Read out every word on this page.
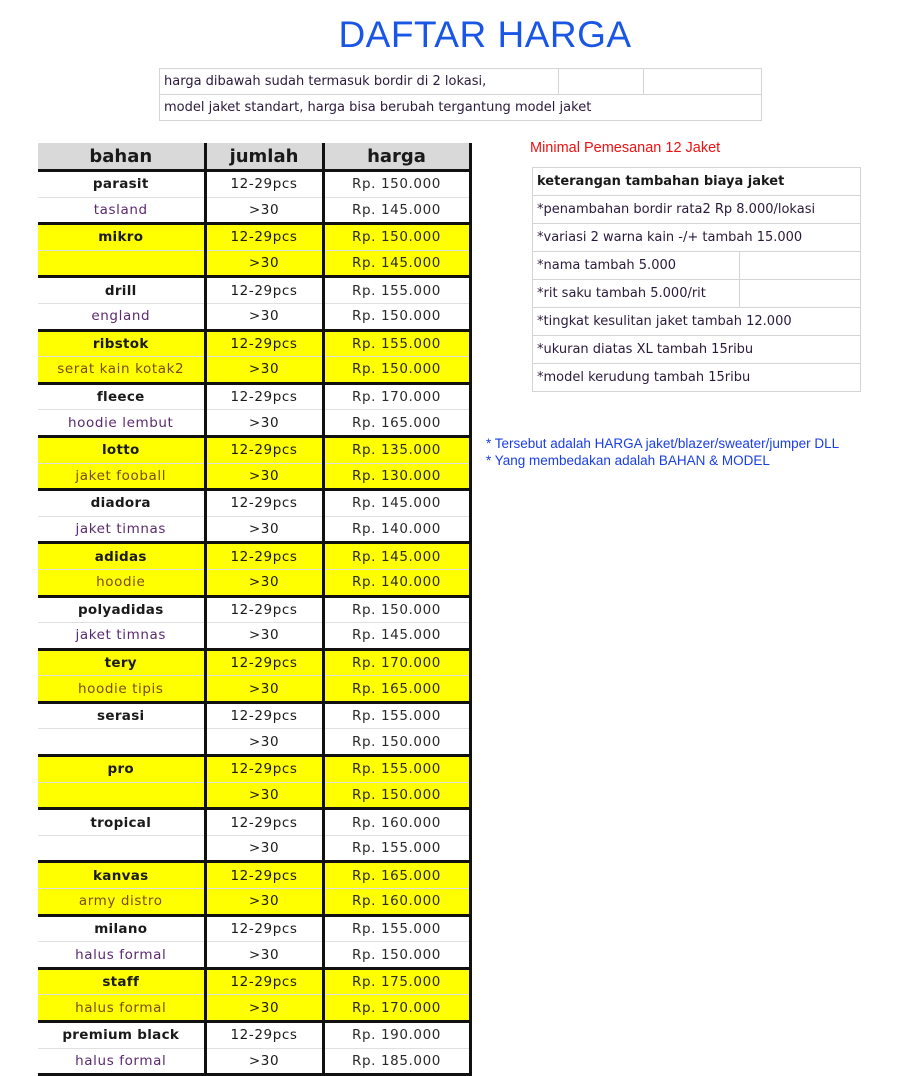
DAFTAR HARGA
harga dibawah sudah termasuk bordir di 2 lokasi,		
model jaket standart, harga bisa berubah tergantung model jaket
bahan	jumlah	harga
parasit	12-29pcs	Rp. 150.000
tasland	>30	Rp. 145.000
mikro	12-29pcs	Rp. 150.000
	>30	Rp. 145.000
drill	12-29pcs	Rp. 155.000
england	>30	Rp. 150.000
ribstok	12-29pcs	Rp. 155.000
serat kain kotak2	>30	Rp. 150.000
fleece	12-29pcs	Rp. 170.000
hoodie lembut	>30	Rp. 165.000
lotto	12-29pcs	Rp. 135.000
jaket fooball	>30	Rp. 130.000
diadora	12-29pcs	Rp. 145.000
jaket timnas	>30	Rp. 140.000
adidas	12-29pcs	Rp. 145.000
hoodie	>30	Rp. 140.000
polyadidas	12-29pcs	Rp. 150.000
jaket timnas	>30	Rp. 145.000
tery	12-29pcs	Rp. 170.000
hoodie tipis	>30	Rp. 165.000
serasi	12-29pcs	Rp. 155.000
	>30	Rp. 150.000
pro	12-29pcs	Rp. 155.000
	>30	Rp. 150.000
tropical	12-29pcs	Rp. 160.000
	>30	Rp. 155.000
kanvas	12-29pcs	Rp. 165.000
army distro	>30	Rp. 160.000
milano	12-29pcs	Rp. 155.000
halus formal	>30	Rp. 150.000
staff	12-29pcs	Rp. 175.000
halus formal	>30	Rp. 170.000
premium black	12-29pcs	Rp. 190.000
halus formal	>30	Rp. 185.000
Minimal Pemesanan 12 Jaket
keterangan tambahan biaya jaket	
*penambahan bordir rata2 Rp 8.000/lokasi	
*variasi 2 warna kain -/+ tambah 15.000	
*nama tambah 5.000	
*rit saku tambah 5.000/rit	
*tingkat kesulitan jaket tambah 12.000	
*ukuran diatas XL tambah 15ribu	
*model kerudung tambah 15ribu	
* Tersebut adalah HARGA jaket/blazer/sweater/jumper DLL
* Yang membedakan adalah BAHAN & MODEL
